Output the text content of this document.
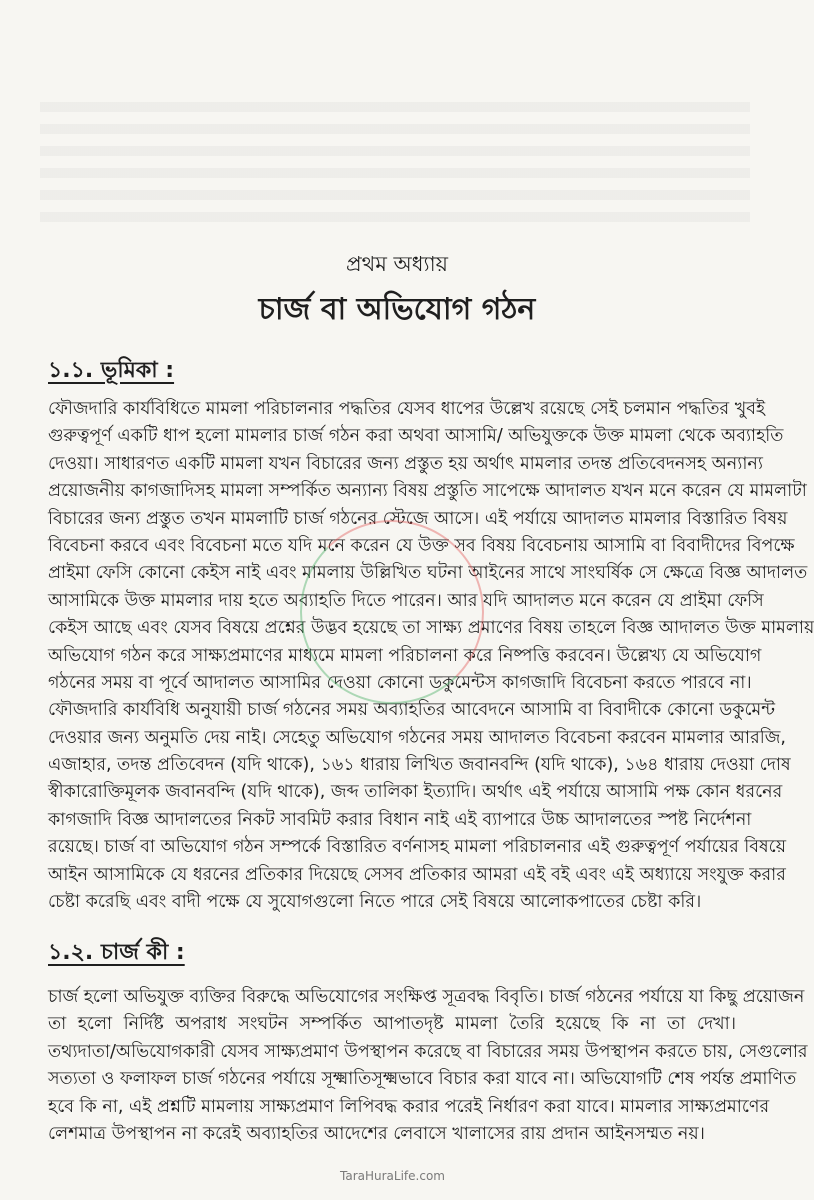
প্রথম অধ্যায়
চার্জ বা অভিযোগ গঠন
১.১. ভূমিকা :
ফৌজদারি কার্যবিধিতে মামলা পরিচালনার পদ্ধতির যেসব ধাপের উল্লেখ রয়েছে সেই চলমান পদ্ধতির খুবই
গুরুত্বপূর্ণ একটি ধাপ হলো মামলার চার্জ গঠন করা অথবা আসামি/ অভিযুক্তকে উক্ত মামলা থেকে অব্যাহতি
দেওয়া। সাধারণত একটি মামলা যখন বিচারের জন্য প্রস্তুত হয় অর্থাৎ মামলার তদন্ত প্রতিবেদনসহ অন্যান্য
প্রয়োজনীয় কাগজাদিসহ মামলা সম্পর্কিত অন্যান্য বিষয় প্রস্তুতি সাপেক্ষে আদালত যখন মনে করেন যে মামলাটা
বিচারের জন্য প্রস্তুত তখন মামলাটি চার্জ গঠনের স্টেজে আসে। এই পর্যায়ে আদালত মামলার বিস্তারিত বিষয়
বিবেচনা করবে এবং বিবেচনা মতে যদি মনে করেন যে উক্ত সব বিষয় বিবেচনায় আসামি বা বিবাদীদের বিপক্ষে
প্রাইমা ফেসি কোনো কেইস নাই এবং মামলায় উল্লিখিত ঘটনা আইনের সাথে সাংঘর্ষিক সে ক্ষেত্রে বিজ্ঞ আদালত
আসামিকে উক্ত মামলার দায় হতে অব্যাহতি দিতে পারেন। আর যদি আদালত মনে করেন যে প্রাইমা ফেসি
কেইস আছে এবং যেসব বিষয়ে প্রশ্নের উদ্ভব হয়েছে তা সাক্ষ্য প্রমাণের বিষয় তাহলে বিজ্ঞ আদালত উক্ত মামলায়
অভিযোগ গঠন করে সাক্ষ্যপ্রমাণের মাধ্যমে মামলা পরিচালনা করে নিষ্পত্তি করবেন। উল্লেখ্য যে অভিযোগ
গঠনের সময় বা পূর্বে আদালত আসামির দেওয়া কোনো ডকুমেন্টস কাগজাদি বিবেচনা করতে পারবে না।
ফৌজদারি কার্যবিধি অনুযায়ী চার্জ গঠনের সময় অব্যাহতির আবেদনে আসামি বা বিবাদীকে কোনো ডকুমেন্ট
দেওয়ার জন্য অনুমতি দেয় নাই। সেহেতু অভিযোগ গঠনের সময় আদালত বিবেচনা করবেন মামলার আরজি,
এজাহার, তদন্ত প্রতিবেদন (যদি থাকে), ১৬১ ধারায় লিখিত জবানবন্দি (যদি থাকে), ১৬৪ ধারায় দেওয়া দোষ
স্বীকারোক্তিমূলক জবানবন্দি (যদি থাকে), জব্দ তালিকা ইত্যাদি। অর্থাৎ এই পর্যায়ে আসামি পক্ষ কোন ধরনের
কাগজাদি বিজ্ঞ আদালতের নিকট সাবমিট করার বিধান নাই এই ব্যাপারে উচ্চ আদালতের স্পষ্ট নির্দেশনা
রয়েছে। চার্জ বা অভিযোগ গঠন সম্পর্কে বিস্তারিত বর্ণনাসহ মামলা পরিচালনার এই গুরুত্বপূর্ণ পর্যায়ের বিষয়ে
আইন আসামিকে যে ধরনের প্রতিকার দিয়েছে সেসব প্রতিকার আমরা এই বই এবং এই অধ্যায়ে সংযুক্ত করার
চেষ্টা করেছি এবং বাদী পক্ষে যে সুযোগগুলো নিতে পারে সেই বিষয়ে আলোকপাতের চেষ্টা করি।
১.২. চার্জ কী :
চার্জ হলো অভিযুক্ত ব্যক্তির বিরুদ্ধে অভিযোগের সংক্ষিপ্ত সূত্রবদ্ধ বিবৃতি। চার্জ গঠনের পর্যায়ে যা কিছু প্রয়োজন
তা হলো নির্দিষ্ট অপরাধ সংঘটন সম্পর্কিত আপাতদৃষ্ট মামলা তৈরি হয়েছে কি না তা দেখা।
তথ্যদাতা/অভিযোগকারী যেসব সাক্ষ্যপ্রমাণ উপস্থাপন করেছে বা বিচারের সময় উপস্থাপন করতে চায়, সেগুলোর
সত্যতা ও ফলাফল চার্জ গঠনের পর্যায়ে সূক্ষ্মাতিসূক্ষ্মভাবে বিচার করা যাবে না। অভিযোগটি শেষ পর্যন্ত প্রমাণিত
হবে কি না, এই প্রশ্নটি মামলায় সাক্ষ্যপ্রমাণ লিপিবদ্ধ করার পরেই নির্ধারণ করা যাবে। মামলার সাক্ষ্যপ্রমাণের
লেশমাত্র উপস্থাপন না করেই অব্যাহতির আদেশের লেবাসে খালাসের রায় প্রদান আইনসম্মত নয়।
TaraHuraLife.com
